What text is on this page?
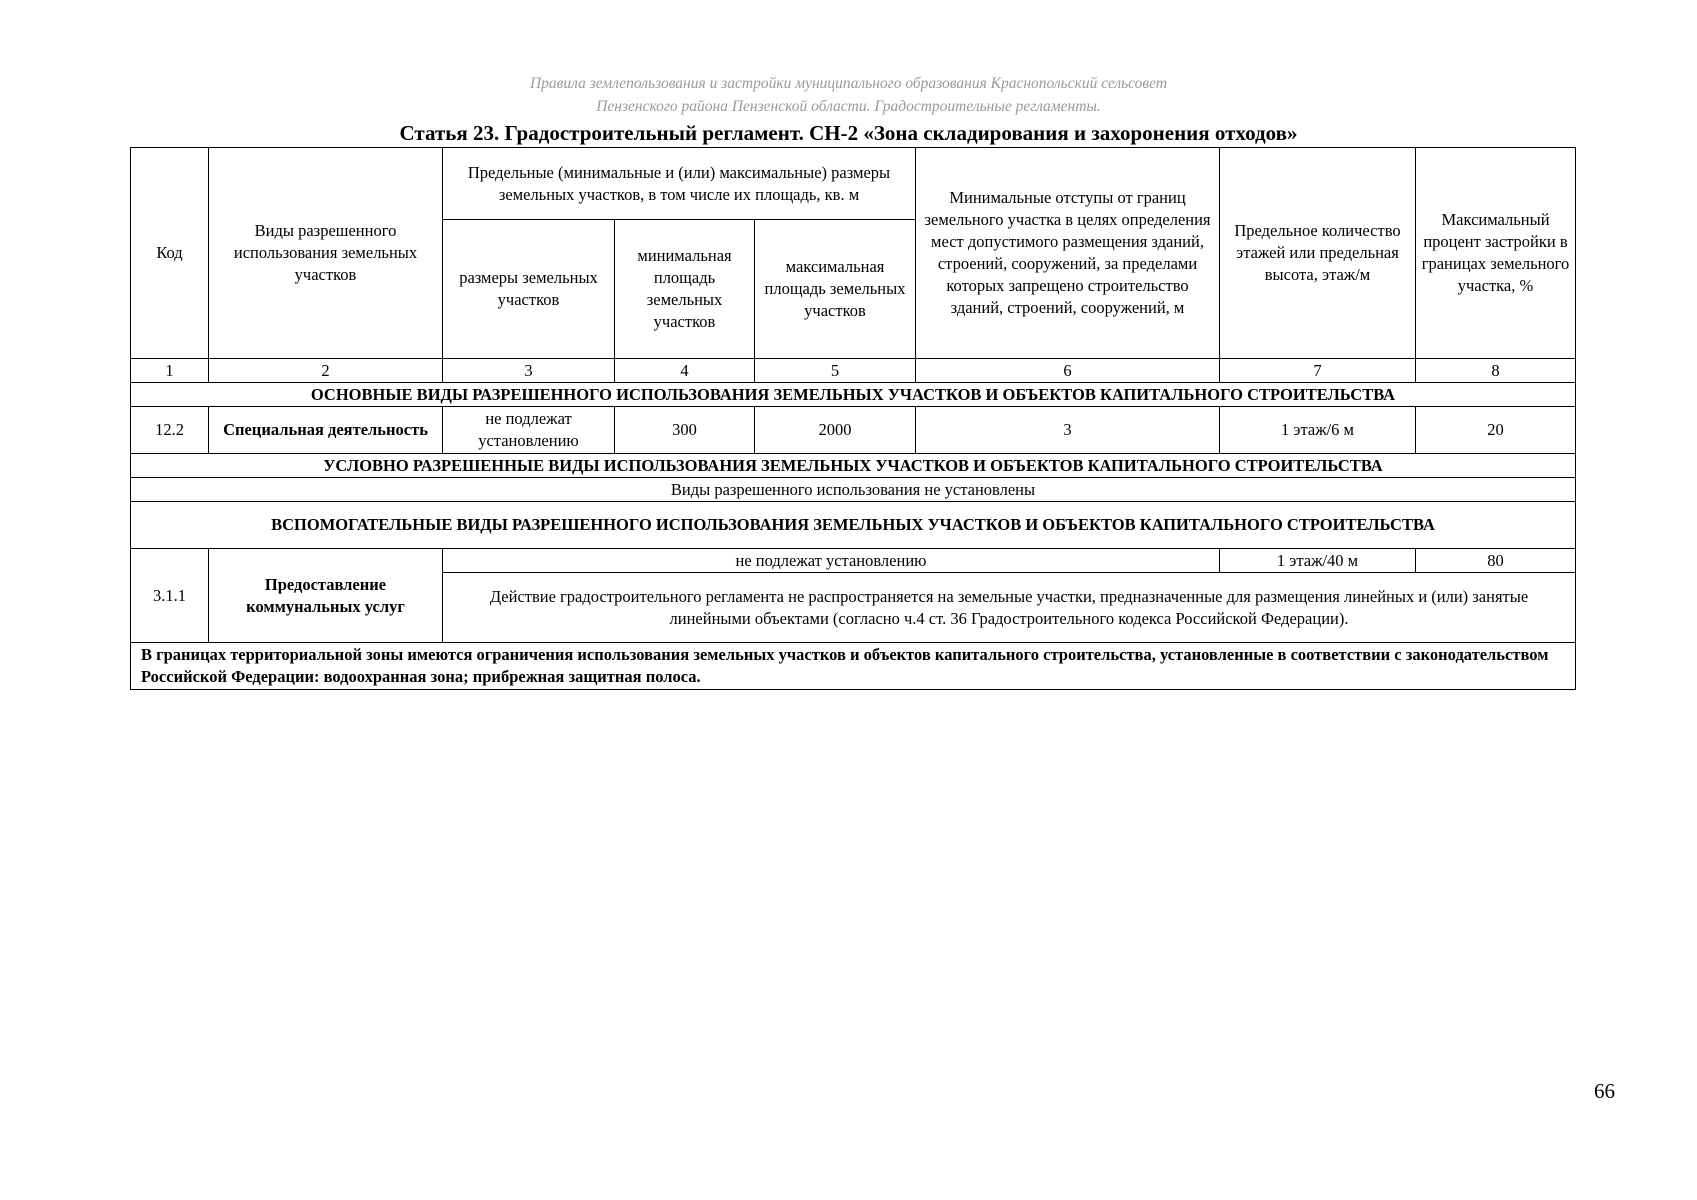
Правила землепользования и застройки муниципального образования Краснопольский сельсовет
Пензенского района Пензенской области. Градостроительные регламенты.
Статья 23. Градостроительный регламент. СН-2 «Зона складирования и захоронения отходов»
Код	Виды разрешенного использования земельных участков	Предельные (минимальные и (или) максимальные) размеры земельных участков, в том числе их площадь, кв. м			Минимальные отступы от границ земельного участка в целях определения мест допустимого размещения зданий, строений, сооружений, за пределами которых запрещено строительство зданий, строений, сооружений, м	Предельное количество этажей или предельная высота, этаж/м	Максимальный процент застройки в границах земельного участка, %
		размеры земельных участков	минимальная площадь земельных участков	максимальная площадь земельных участков			
1	2	3	4	5	6	7	8
ОСНОВНЫЕ ВИДЫ РАЗРЕШЕННОГО ИСПОЛЬЗОВАНИЯ ЗЕМЕЛЬНЫХ УЧАСТКОВ И ОБЪЕКТОВ КАПИТАЛЬНОГО СТРОИТЕЛЬСТВА							
12.2	Специальная деятельность	не подлежат установлению	300	2000	3	1 этаж/6 м	20
УСЛОВНО РАЗРЕШЕННЫЕ ВИДЫ ИСПОЛЬЗОВАНИЯ ЗЕМЕЛЬНЫХ УЧАСТКОВ И ОБЪЕКТОВ КАПИТАЛЬНОГО СТРОИТЕЛЬСТВА							
Виды разрешенного использования не установлены							
ВСПОМОГАТЕЛЬНЫЕ ВИДЫ РАЗРЕШЕННОГО ИСПОЛЬЗОВАНИЯ ЗЕМЕЛЬНЫХ УЧАСТКОВ И ОБЪЕКТОВ КАПИТАЛЬНОГО СТРОИТЕЛЬСТВА							
3.1.1	Предоставление коммунальных услуг	не подлежат установлению				1 этаж/40 м	80
		Действие градостроительного регламента не распространяется на земельные участки, предназначенные для размещения линейных и (или) занятые линейными объектами (согласно ч.4 ст. 36 Градостроительного кодекса Российской Федерации).					
В границах территориальной зоны имеются ограничения использования земельных участков и объектов капитального строительства, установленные в соответствии с законодательством Российской Федерации: водоохранная зона; прибрежная защитная полоса.							
66
